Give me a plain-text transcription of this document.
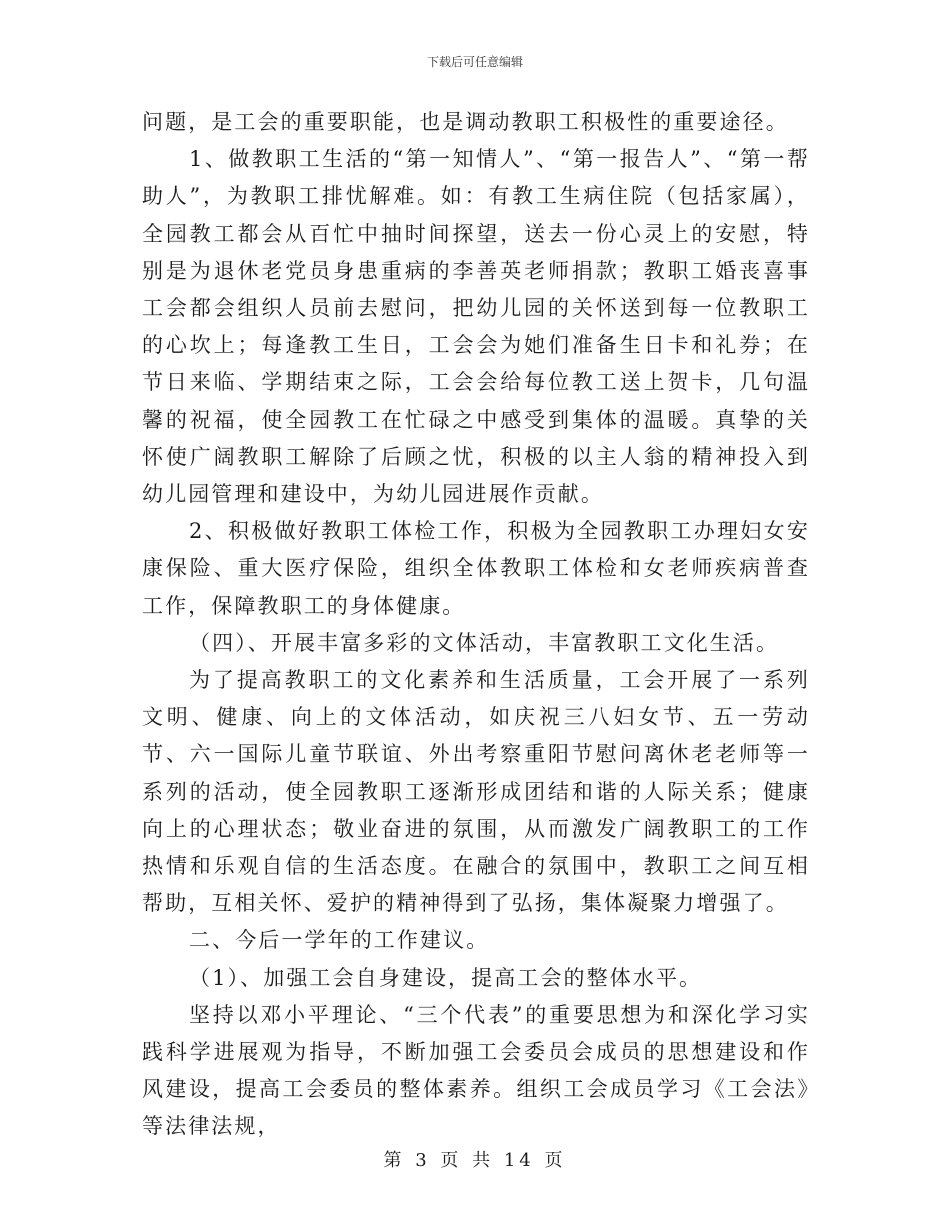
下载后可任意编辑

问题，是工会的重要职能，也是调动教职工积极性的重要途径。

1、做教职工生活的“第一知情人”、“第一报告人”、“第一帮助人”，为教职工排忧解难。如：有教工生病住院（包括家属），全园教工都会从百忙中抽时间探望，送去一份心灵上的安慰，特别是为退休老党员身患重病的李善英老师捐款；教职工婚丧喜事工会都会组织人员前去慰问，把幼儿园的关怀送到每一位教职工的心坎上；每逢教工生日，工会会为她们准备生日卡和礼券；在节日来临、学期结束之际，工会会给每位教工送上贺卡，几句温馨的祝福，使全园教工在忙碌之中感受到集体的温暖。真挚的关怀使广阔教职工解除了后顾之忧，积极的以主人翁的精神投入到幼儿园管理和建设中，为幼儿园进展作贡献。

2、积极做好教职工体检工作，积极为全园教职工办理妇女安康保险、重大医疗保险，组织全体教职工体检和女老师疾病普查工作，保障教职工的身体健康。

（四）、开展丰富多彩的文体活动，丰富教职工文化生活。

为了提高教职工的文化素养和生活质量，工会开展了一系列文明、健康、向上的文体活动，如庆祝三八妇女节、五一劳动节、六一国际儿童节联谊、外出考察重阳节慰问离休老老师等一系列的活动，使全园教职工逐渐形成团结和谐的人际关系；健康向上的心理状态；敬业奋进的氛围，从而激发广阔教职工的工作热情和乐观自信的生活态度。在融合的氛围中，教职工之间互相帮助，互相关怀、爱护的精神得到了弘扬，集体凝聚力增强了。

二、今后一学年的工作建议。

（1）、加强工会自身建设，提高工会的整体水平。

坚持以邓小平理论、“三个代表”的重要思想为和深化学习实践科学进展观为指导，不断加强工会委员会成员的思想建设和作风建设，提高工会委员的整体素养。组织工会成员学习《工会法》等法律法规，

第 3 页 共 14 页
